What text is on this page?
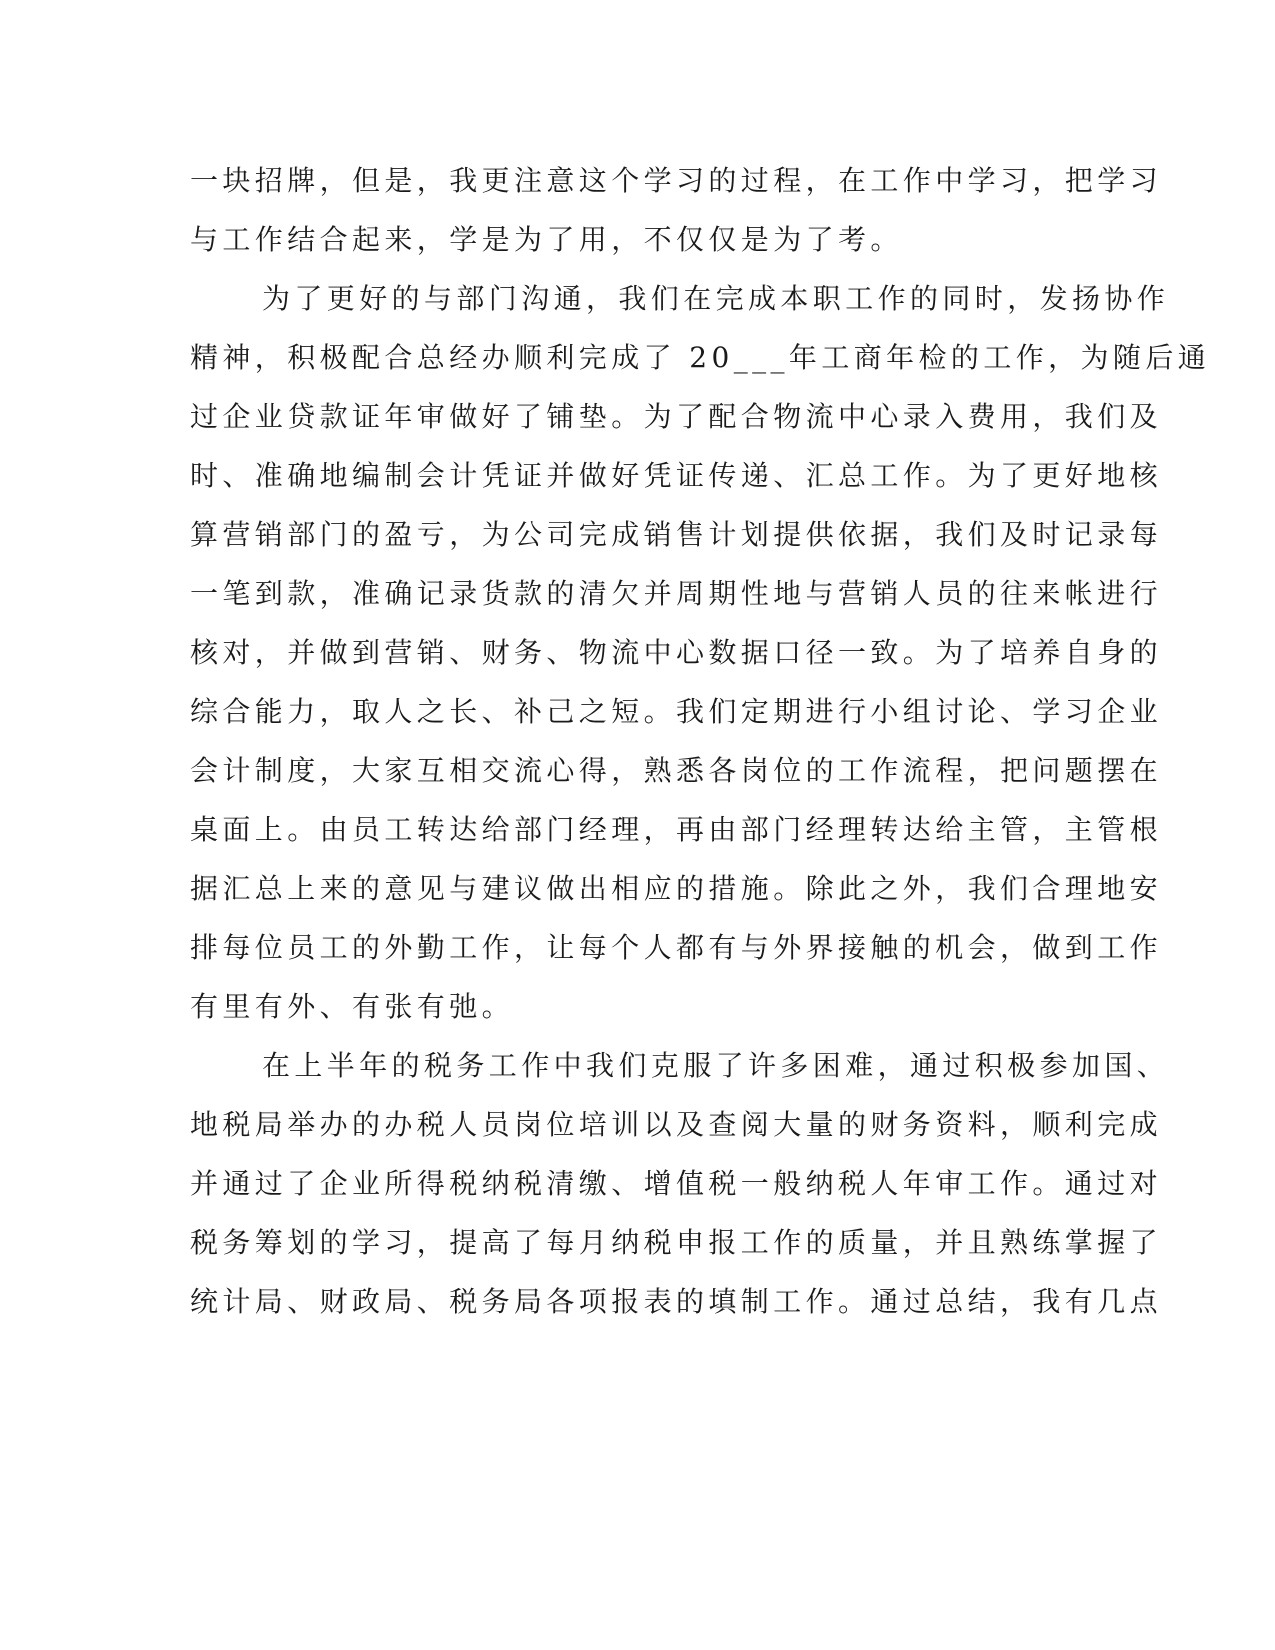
一块招牌，但是，我更注意这个学习的过程，在工作中学习，把学习
与工作结合起来，学是为了用，不仅仅是为了考。
为了更好的与部门沟通，我们在完成本职工作的同时，发扬协作
精神，积极配合总经办顺利完成了 20___年工商年检的工作，为随后通
过企业贷款证年审做好了铺垫。为了配合物流中心录入费用，我们及
时、准确地编制会计凭证并做好凭证传递、汇总工作。为了更好地核
算营销部门的盈亏，为公司完成销售计划提供依据，我们及时记录每
一笔到款，准确记录货款的清欠并周期性地与营销人员的往来帐进行
核对，并做到营销、财务、物流中心数据口径一致。为了培养自身的
综合能力，取人之长、补己之短。我们定期进行小组讨论、学习企业
会计制度，大家互相交流心得，熟悉各岗位的工作流程，把问题摆在
桌面上。由员工转达给部门经理，再由部门经理转达给主管，主管根
据汇总上来的意见与建议做出相应的措施。除此之外，我们合理地安
排每位员工的外勤工作，让每个人都有与外界接触的机会，做到工作
有里有外、有张有弛。
在上半年的税务工作中我们克服了许多困难，通过积极参加国、
地税局举办的办税人员岗位培训以及查阅大量的财务资料，顺利完成
并通过了企业所得税纳税清缴、增值税一般纳税人年审工作。通过对
税务筹划的学习，提高了每月纳税申报工作的质量，并且熟练掌握了
统计局、财政局、税务局各项报表的填制工作。通过总结，我有几点
